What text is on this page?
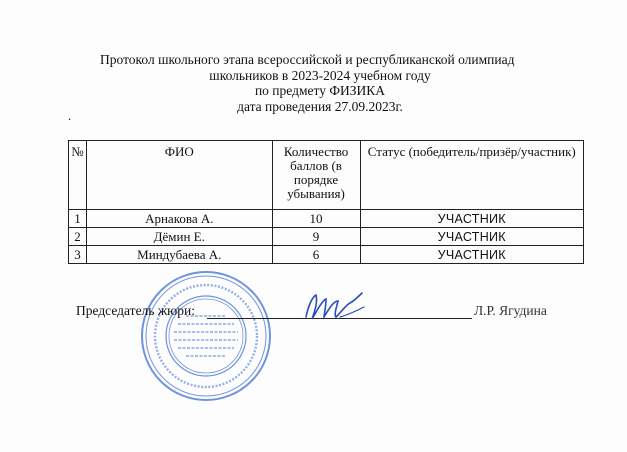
Протокол школьного этапа всероссийской и республиканской олимпиад
школьников в 2023-2024 учебном году
по предмету ФИЗИКА
дата проведения 27.09.2023г.
.
№	ФИО	Количество баллов (в порядке убывания)	Статус (победитель/призёр/участник)
1	Арнакова А.	10	УЧАСТНИК
2	Дёмин Е.	9	УЧАСТНИК
3	Миндубаева А.	6	УЧАСТНИК
Председатель жюри:	Л.Р. Ягудина
